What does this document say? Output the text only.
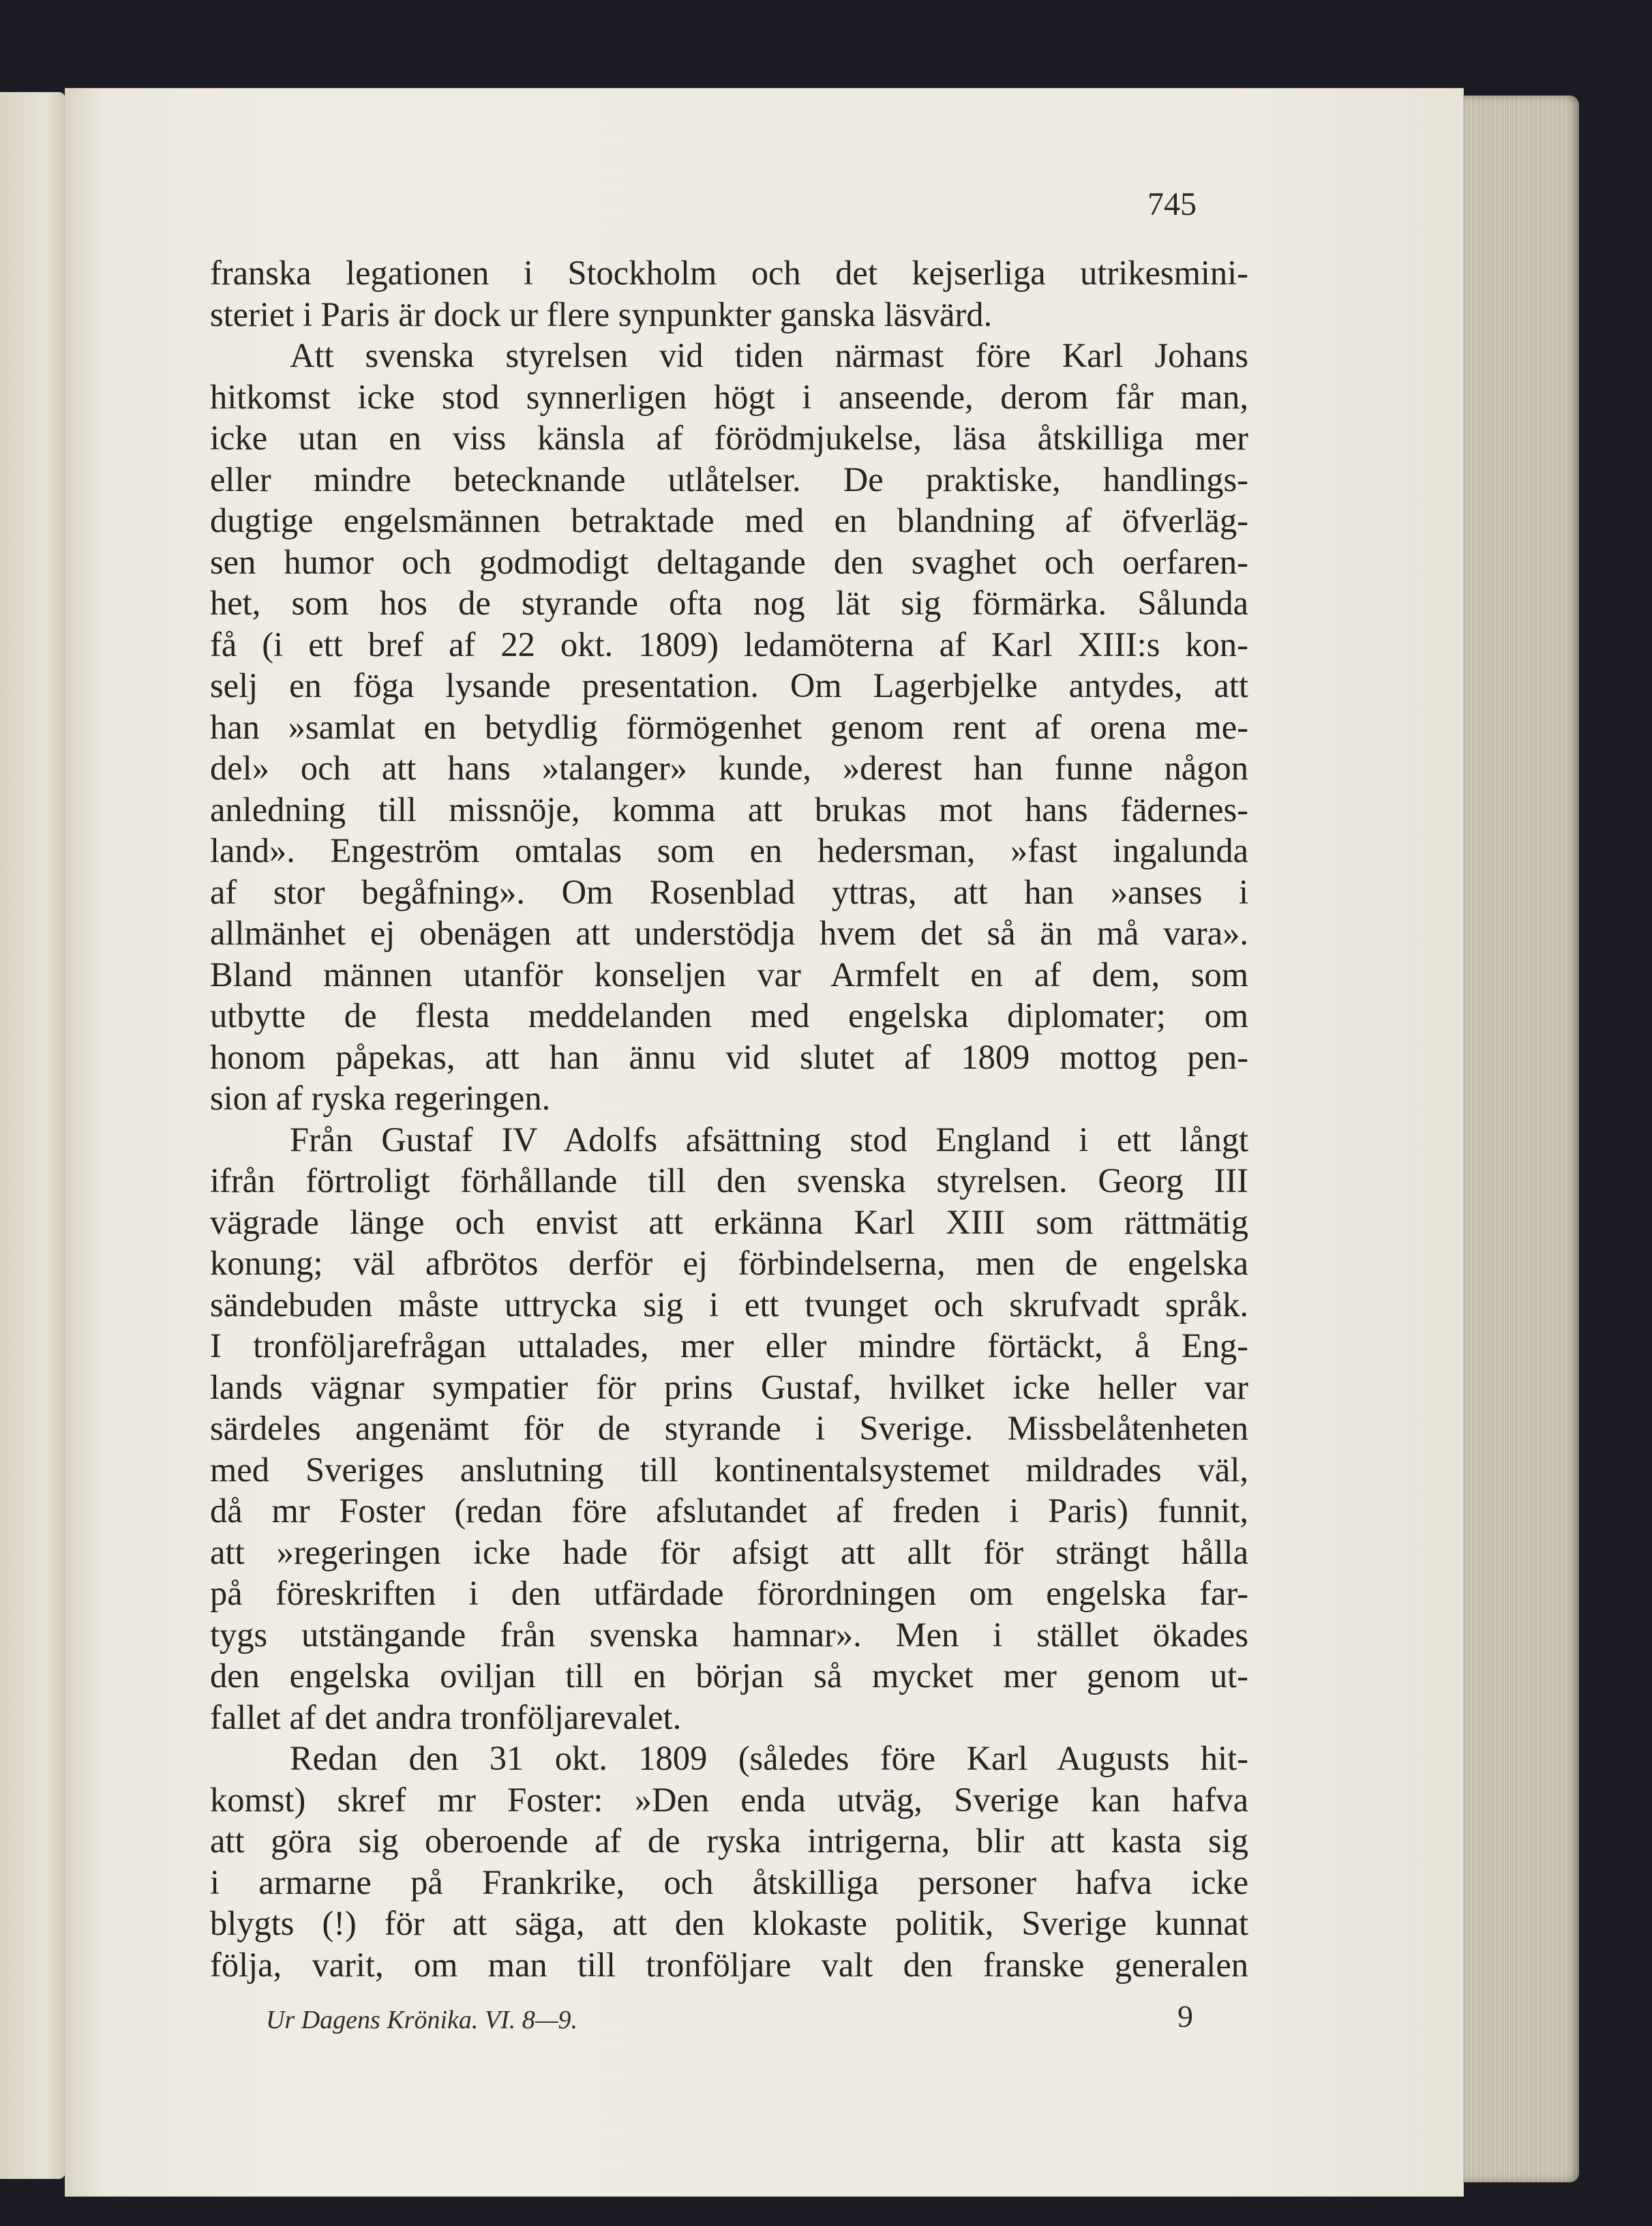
745
franska legationen i Stockholm och det kejserliga utrikesmini-
steriet i Paris är dock ur flere synpunkter ganska läsvärd.
Att svenska styrelsen vid tiden närmast före Karl Johans
hitkomst icke stod synnerligen högt i anseende, derom får man,
icke utan en viss känsla af förödmjukelse, läsa åtskilliga mer
eller mindre betecknande utlåtelser. De praktiske, handlings-
dugtige engelsmännen betraktade med en blandning af öfverläg-
sen humor och godmodigt deltagande den svaghet och oerfaren-
het, som hos de styrande ofta nog lät sig förmärka. Sålunda
få (i ett bref af 22 okt. 1809) ledamöterna af Karl XIII:s kon-
selj en föga lysande presentation. Om Lagerbjelke antydes, att
han »samlat en betydlig förmögenhet genom rent af orena me-
del» och att hans »talanger» kunde, »derest han funne någon
anledning till missnöje, komma att brukas mot hans fädernes-
land». Engeström omtalas som en hedersman, »fast ingalunda
af stor begåfning». Om Rosenblad yttras, att han »anses i
allmänhet ej obenägen att understödja hvem det så än må vara».
Bland männen utanför konseljen var Armfelt en af dem, som
utbytte de flesta meddelanden med engelska diplomater; om
honom påpekas, att han ännu vid slutet af 1809 mottog pen-
sion af ryska regeringen.
Från Gustaf IV Adolfs afsättning stod England i ett långt
ifrån förtroligt förhållande till den svenska styrelsen. Georg III
vägrade länge och envist att erkänna Karl XIII som rättmätig
konung; väl afbrötos derför ej förbindelserna, men de engelska
sändebuden måste uttrycka sig i ett tvunget och skrufvadt språk.
I tronföljarefrågan uttalades, mer eller mindre förtäckt, å Eng-
lands vägnar sympatier för prins Gustaf, hvilket icke heller var
särdeles angenämt för de styrande i Sverige. Missbelåtenheten
med Sveriges anslutning till kontinentalsystemet mildrades väl,
då mr Foster (redan före afslutandet af freden i Paris) funnit,
att »regeringen icke hade för afsigt att allt för strängt hålla
på föreskriften i den utfärdade förordningen om engelska far-
tygs utstängande från svenska hamnar». Men i stället ökades
den engelska oviljan till en början så mycket mer genom ut-
fallet af det andra tronföljarevalet.
Redan den 31 okt. 1809 (således före Karl Augusts hit-
komst) skref mr Foster: »Den enda utväg, Sverige kan hafva
att göra sig oberoende af de ryska intrigerna, blir att kasta sig
i armarne på Frankrike, och åtskilliga personer hafva icke
blygts (!) för att säga, att den klokaste politik, Sverige kunnat
följa, varit, om man till tronföljare valt den franske generalen
Ur Dagens Krönika. VI. 8—9.	9
